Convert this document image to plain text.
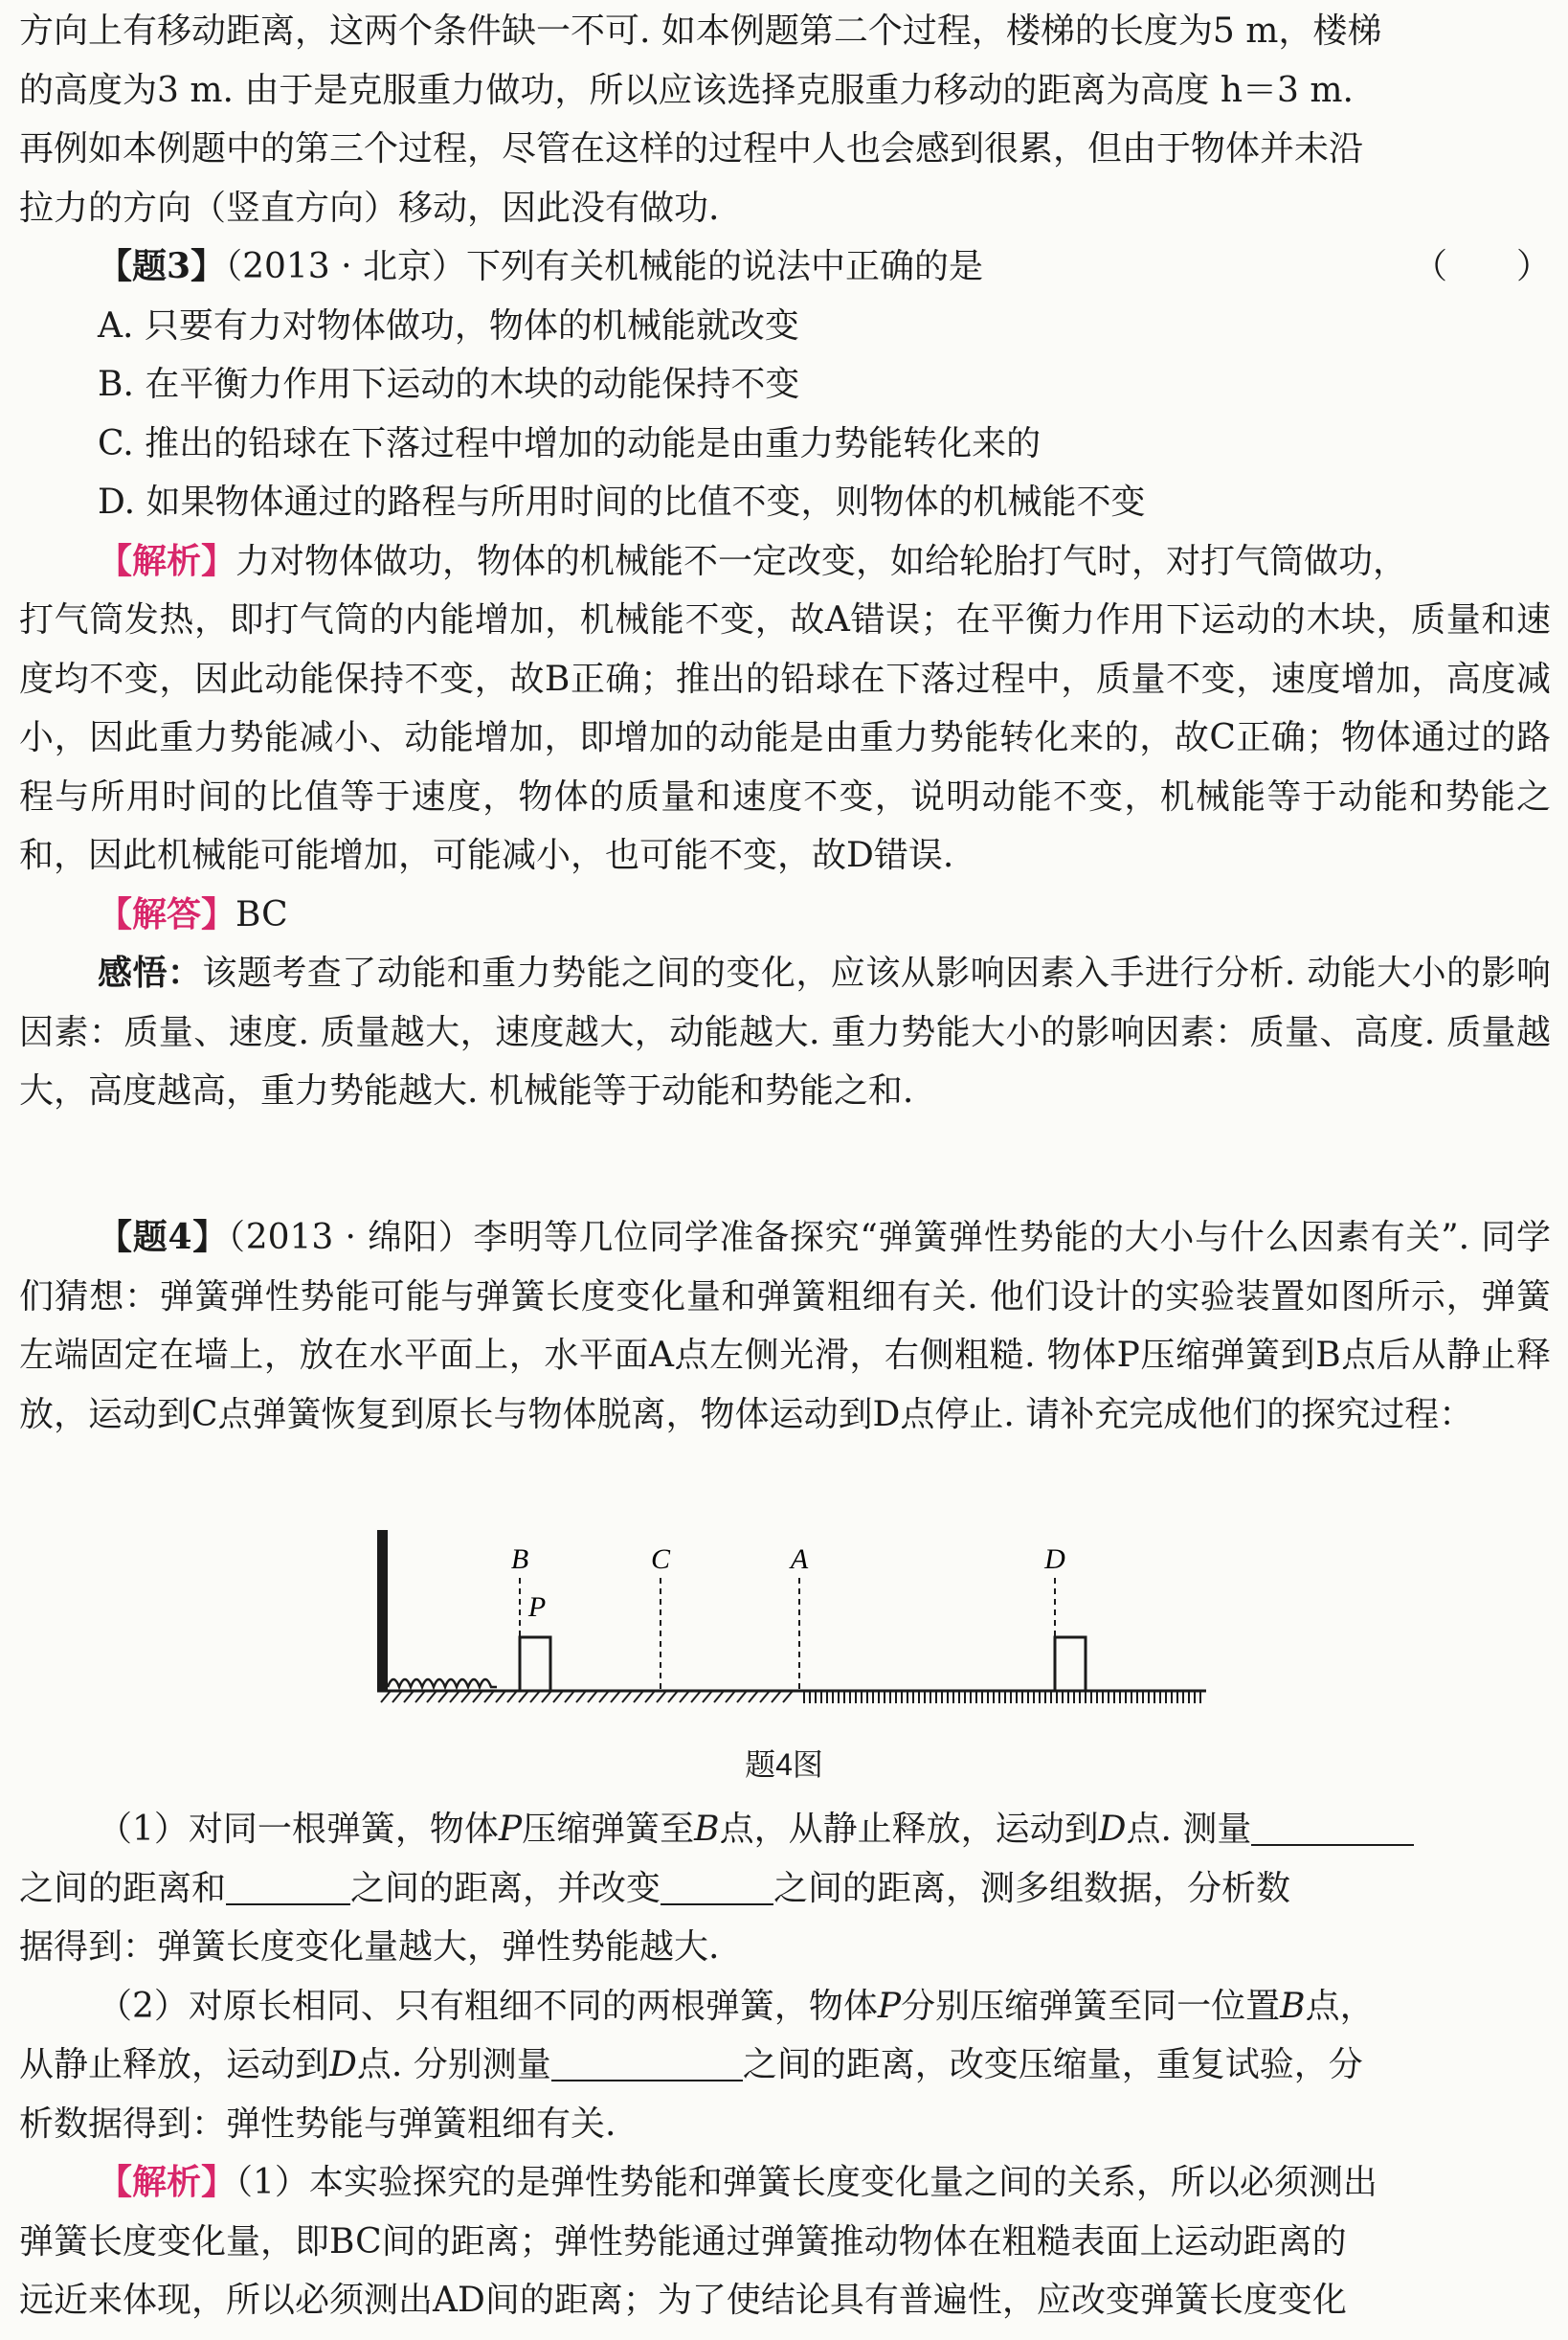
方向上有移动距离，这两个条件缺一不可. 如本例题第二个过程，楼梯的长度为5 m，楼梯

的高度为3 m. 由于是克服重力做功，所以应该选择克服重力移动的距离为高度 h＝3 m.

再例如本例题中的第三个过程，尽管在这样的过程中人也会感到很累，但由于物体并未沿

拉力的方向（竖直方向）移动，因此没有做功.

【题3】（2013 · 北京）下列有关机械能的说法中正确的是	（　　）

A. 只要有力对物体做功，物体的机械能就改变

B. 在平衡力作用下运动的木块的动能保持不变

C. 推出的铅球在下落过程中增加的动能是由重力势能转化来的

D. 如果物体通过的路程与所用时间的比值不变，则物体的机械能不变

【解析】力对物体做功，物体的机械能不一定改变，如给轮胎打气时，对打气筒做功，

打气筒发热，即打气筒的内能增加，机械能不变，故A错误；在平衡力作用下运动的木块，质量和速度均不变，因此动能保持不变，故B正确；推出的铅球在下落过程中，质量不变，速度增加，高度减小，因此重力势能减小、动能增加，即增加的动能是由重力势能转化来的，故C正确；物体通过的路程与所用时间的比值等于速度，物体的质量和速度不变，说明动能不变，机械能等于动能和势能之和，因此机械能可能增加，可能减小，也可能不变，故D错误.

【解答】BC

感悟：该题考查了动能和重力势能之间的变化，应该从影响因素入手进行分析. 动能大小的影响因素：质量、速度. 质量越大，速度越大，动能越大. 重力势能大小的影响因素：质量、高度. 质量越大，高度越高，重力势能越大. 机械能等于动能和势能之和.

【题4】（2013 · 绵阳）李明等几位同学准备探究“弹簧弹性势能的大小与什么因素有关”. 同学们猜想：弹簧弹性势能可能与弹簧长度变化量和弹簧粗细有关. 他们设计的实验装置如图所示，弹簧左端固定在墙上，放在水平面上，水平面A点左侧光滑，右侧粗糙. 物体P压缩弹簧到B点后从静止释放，运动到C点弹簧恢复到原长与物体脱离，物体运动到D点停止. 请补充完成他们的探究过程：

B	C	A	D
P
题4图

（1）对同一根弹簧，物体P压缩弹簧至B点，从静止释放，运动到D点. 测量

之间的距离和	之间的距离，并改变	之间的距离，测多组数据，分析数

据得到：弹簧长度变化量越大，弹性势能越大.

（2）对原长相同、只有粗细不同的两根弹簧，物体P分别压缩弹簧至同一位置B点，

从静止释放，运动到D点. 分别测量	之间的距离，改变压缩量，重复试验，分

析数据得到：弹性势能与弹簧粗细有关.

【解析】（1）本实验探究的是弹性势能和弹簧长度变化量之间的关系，所以必须测出

弹簧长度变化量，即BC间的距离；弹性势能通过弹簧推动物体在粗糙表面上运动距离的

远近来体现，所以必须测出AD间的距离；为了使结论具有普遍性，应改变弹簧长度变化
